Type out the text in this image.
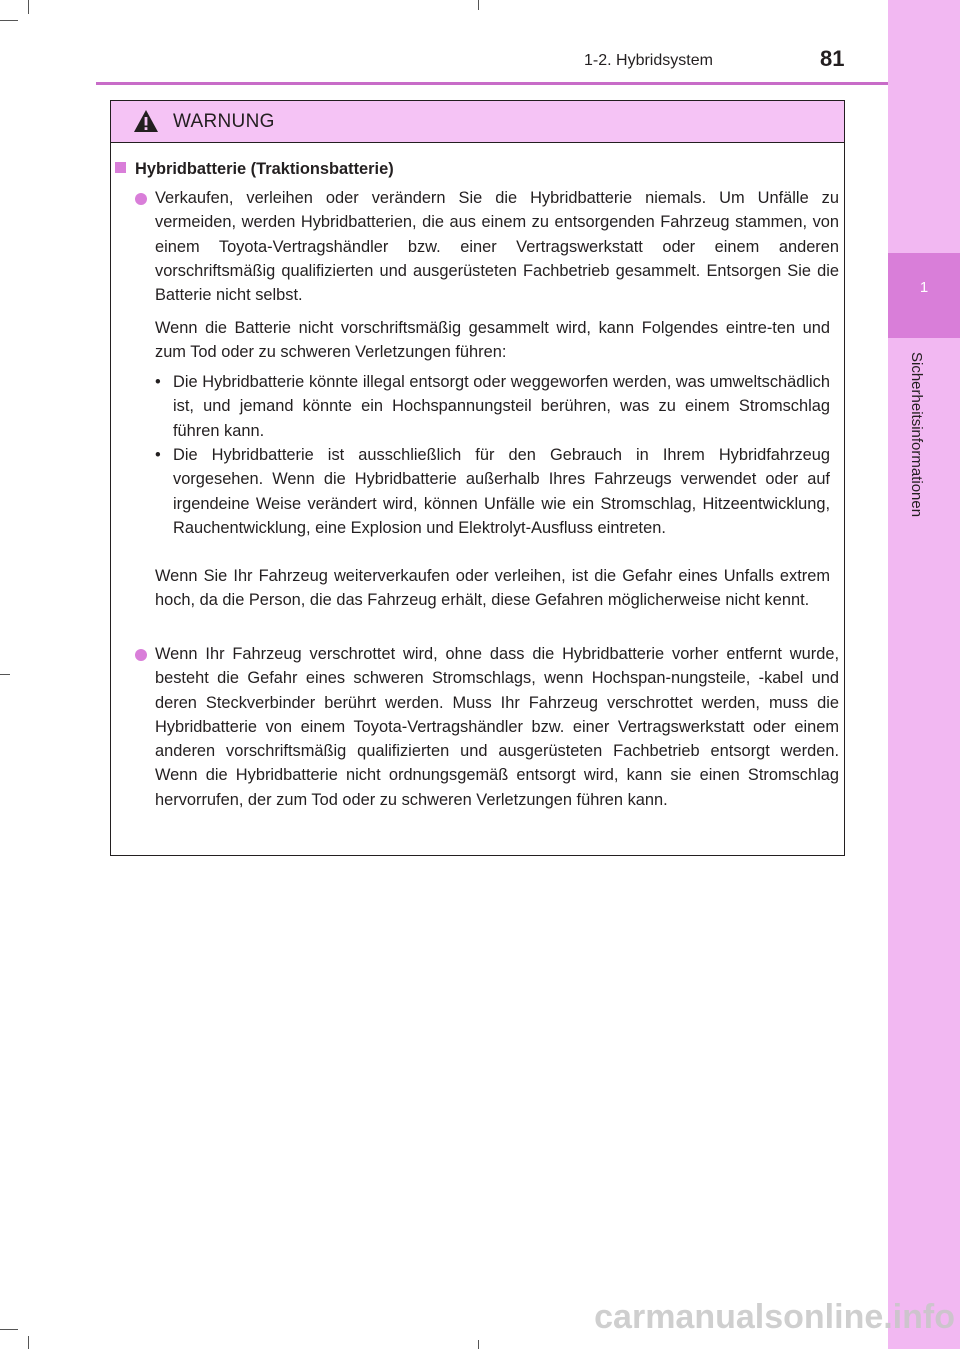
1
Sicherheitsinformationen
1-2. Hybridsystem	81
WARNUNG
Hybridbatterie (Traktionsbatterie)
Verkaufen, verleihen oder verändern Sie die Hybridbatterie niemals. Um Unfälle zu vermeiden, werden Hybridbatterien, die aus einem zu entsorgenden Fahrzeug stammen, von einem Toyota-Vertragshändler bzw. einer Vertragswerkstatt oder einem anderen vorschriftsmäßig qualifizierten und ausgerüsteten Fachbetrieb gesammelt. Entsorgen Sie die Batterie nicht selbst.
Wenn die Batterie nicht vorschriftsmäßig gesammelt wird, kann Folgendes eintre-ten und zum Tod oder zu schweren Verletzungen führen:
• Die Hybridbatterie könnte illegal entsorgt oder weggeworfen werden, was umweltschädlich ist, und jemand könnte ein Hochspannungsteil berühren, was zu einem Stromschlag führen kann.
• Die Hybridbatterie ist ausschließlich für den Gebrauch in Ihrem Hybridfahrzeug vorgesehen. Wenn die Hybridbatterie außerhalb Ihres Fahrzeugs verwendet oder auf irgendeine Weise verändert wird, können Unfälle wie ein Stromschlag, Hitzeentwicklung, Rauchentwicklung, eine Explosion und Elektrolyt-Ausfluss eintreten.
Wenn Sie Ihr Fahrzeug weiterverkaufen oder verleihen, ist die Gefahr eines Unfalls extrem hoch, da die Person, die das Fahrzeug erhält, diese Gefahren möglicherweise nicht kennt.
Wenn Ihr Fahrzeug verschrottet wird, ohne dass die Hybridbatterie vorher entfernt wurde, besteht die Gefahr eines schweren Stromschlags, wenn Hochspan-nungsteile, -kabel und deren Steckverbinder berührt werden. Muss Ihr Fahrzeug verschrottet werden, muss die Hybridbatterie von einem Toyota-Vertragshändler bzw. einer Vertragswerkstatt oder einem anderen vorschriftsmäßig qualifizierten und ausgerüsteten Fachbetrieb entsorgt werden. Wenn die Hybridbatterie nicht ordnungsgemäß entsorgt wird, kann sie einen Stromschlag hervorrufen, der zum Tod oder zu schweren Verletzungen führen kann.
carmanualsonline.info
